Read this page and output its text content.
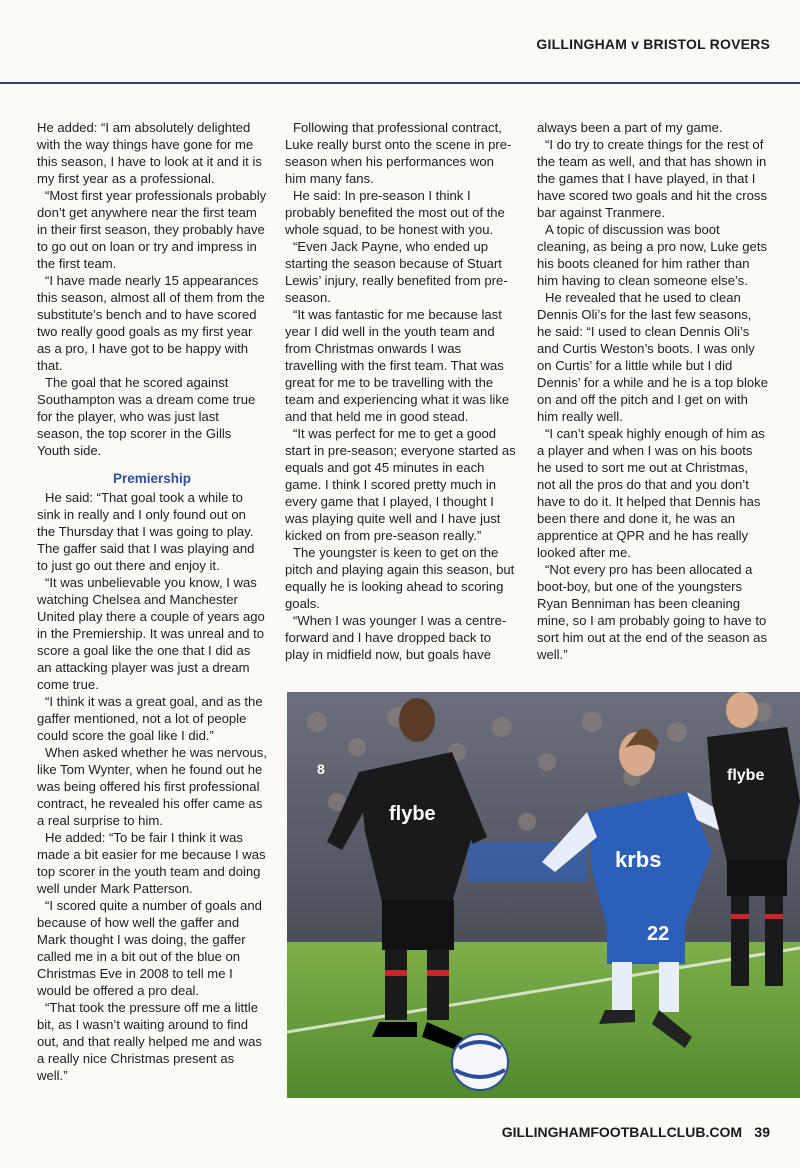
GILLINGHAM v BRISTOL ROVERS

He added: “I am absolutely delighted with the way things have gone for me this season, I have to look at it and it is my first year as a professional.

“Most first year professionals probably don’t get anywhere near the first team in their first season, they probably have to go out on loan or try and impress in the first team.

“I have made nearly 15 appearances this season, almost all of them from the substitute’s bench and to have scored two really good goals as my first year as a pro, I have got to be happy with that.

The goal that he scored against Southampton was a dream come true for the player, who was just last season, the top scorer in the Gills Youth side.

Premiership

He said: “That goal took a while to sink in really and I only found out on the Thursday that I was going to play. The gaffer said that I was playing and to just go out there and enjoy it.

“It was unbelievable you know, I was watching Chelsea and Manchester United play there a couple of years ago in the Premiership. It was unreal and to score a goal like the one that I did as an attacking player was just a dream come true.

“I think it was a great goal, and as the gaffer mentioned, not a lot of people could score the goal like I did.”

When asked whether he was nervous, like Tom Wynter, when he found out he was being offered his first professional contract, he revealed his offer came as a real surprise to him.

He added: “To be fair I think it was made a bit easier for me because I was top scorer in the youth team and doing well under Mark Patterson.

“I scored quite a number of goals and because of how well the gaffer and Mark thought I was doing, the gaffer called me in a bit out of the blue on Christmas Eve in 2008 to tell me I would be offered a pro deal.

“That took the pressure off me a little bit, as I wasn’t waiting around to find out, and that really helped me and was a really nice Christmas present as well.”

Following that professional contract, Luke really burst onto the scene in pre-season when his performances won him many fans.

He said: In pre-season I think I probably benefited the most out of the whole squad, to be honest with you.

“Even Jack Payne, who ended up starting the season because of Stuart Lewis’ injury, really benefited from pre-season.

“It was fantastic for me because last year I did well in the youth team and from Christmas onwards I was travelling with the first team. That was great for me to be travelling with the team and experiencing what it was like and that held me in good stead.

“It was perfect for me to get a good start in pre-season; everyone started as equals and got 45 minutes in each game. I think I scored pretty much in every game that I played, I thought I was playing quite well and I have just kicked on from pre-season really.”

The youngster is keen to get on the pitch and playing again this season, but equally he is looking ahead to scoring goals.

“When I was younger I was a centre-forward and I have dropped back to play in midfield now, but goals have

always been a part of my game.

“I do try to create things for the rest of the team as well, and that has shown in the games that I have played, in that I have scored two goals and hit the cross bar against Tranmere.

A topic of discussion was boot cleaning, as being a pro now, Luke gets his boots cleaned for him rather than him having to clean someone else’s.

He revealed that he used to clean Dennis Oli’s for the last few seasons, he said: “I used to clean Dennis Oli’s and Curtis Weston’s boots. I was only on Curtis’ for a little while but I did Dennis’ for a while and he is a top bloke on and off the pitch and I get on with him really well.

“I can’t speak highly enough of him as a player and when I was on his boots he used to sort me out at Christmas, not all the pros do that and you don’t have to do it. It helped that Dennis has been there and done it, he was an apprentice at QPR and he has really looked after me.

“Not every pro has been allocated a boot-boy, but one of the youngsters Ryan Benniman has been cleaning mine, so I am probably going to have to sort him out at the end of the season as well.”

flybe
8
krbs
22
flybe
GILLINGHAMFOOTBALLCLUB.COM 39
